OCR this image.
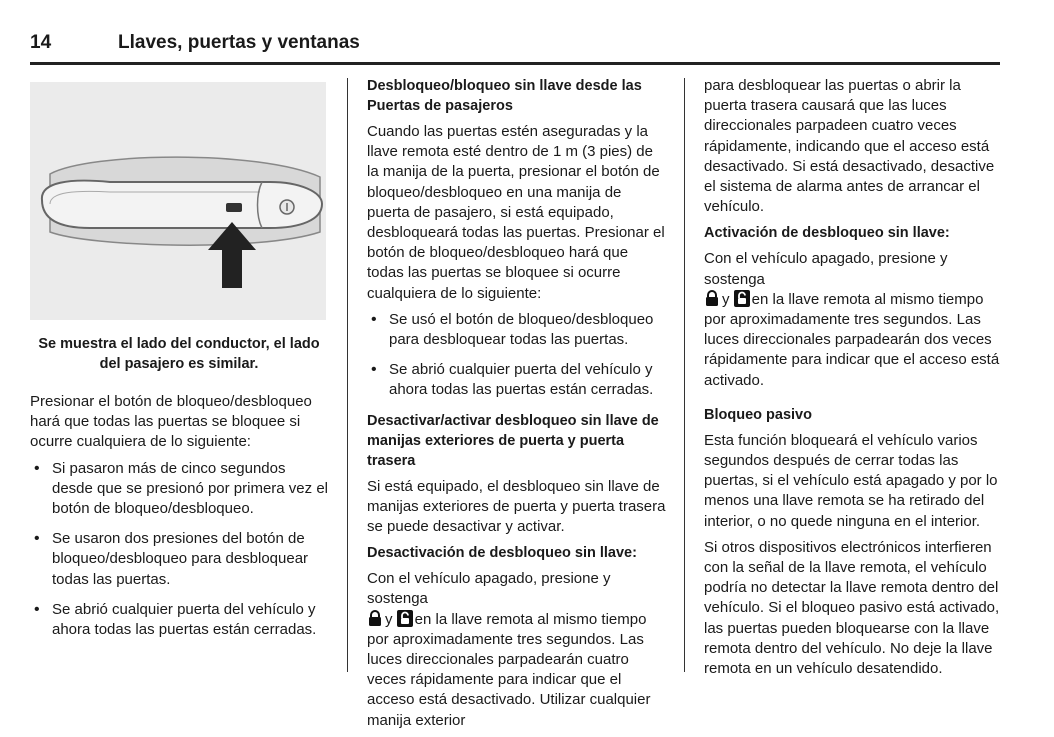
14	Llaves, puertas y ventanas
Se muestra el lado del conductor, el lado del pasajero es similar.

Presionar el botón de bloqueo/desbloqueo hará que todas las puertas se bloquee si ocurre cualquiera de lo siguiente:

• Si pasaron más de cinco segundos desde que se presionó por primera vez el botón de bloqueo/desbloqueo.
• Se usaron dos presiones del botón de bloqueo/desbloqueo para desbloquear todas las puertas.
• Se abrió cualquier puerta del vehículo y ahora todas las puertas están cerradas.
Desbloqueo/bloqueo sin llave desde las Puertas de pasajeros

Cuando las puertas estén aseguradas y la llave remota esté dentro de 1 m (3 pies) de la manija de la puerta, presionar el botón de bloqueo/desbloqueo en una manija de puerta de pasajero, si está equipado, desbloqueará todas las puertas. Presionar el botón de bloqueo/desbloqueo hará que todas las puertas se bloquee si ocurre cualquiera de lo siguiente:

• Se usó el botón de bloqueo/desbloqueo para desbloquear todas las puertas.
• Se abrió cualquier puerta del vehículo y ahora todas las puertas están cerradas.
Desactivar/activar desbloqueo sin llave de manijas exteriores de puerta y puerta trasera

Si está equipado, el desbloqueo sin llave de manijas exteriores de puerta y puerta trasera se puede desactivar y activar.

Desactivación de desbloqueo sin llave:

Con el vehículo apagado, presione y sostenga
y en la llave remota al mismo tiempo por aproximadamente tres segundos. Las luces direccionales parpadearán cuatro veces rápidamente para indicar que el acceso está desactivado. Utilizar cualquier manija exterior

para desbloquear las puertas o abrir la puerta trasera causará que las luces direccionales parpadeen cuatro veces rápidamente, indicando que el acceso está desactivado. Si está desactivado, desactive el sistema de alarma antes de arrancar el vehículo.

Activación de desbloqueo sin llave:

Con el vehículo apagado, presione y sostenga
y en la llave remota al mismo tiempo por aproximadamente tres segundos. Las luces direccionales parpadearán dos veces rápidamente para indicar que el acceso está activado.

Bloqueo pasivo

Esta función bloqueará el vehículo varios segundos después de cerrar todas las puertas, si el vehículo está apagado y por lo menos una llave remota se ha retirado del interior, o no quede ninguna en el interior.

Si otros dispositivos electrónicos interfieren con la señal de la llave remota, el vehículo podría no detectar la llave remota dentro del vehículo. Si el bloqueo pasivo está activado, las puertas pueden bloquearse con la llave remota dentro del vehículo. No deje la llave remota en un vehículo desatendido.
